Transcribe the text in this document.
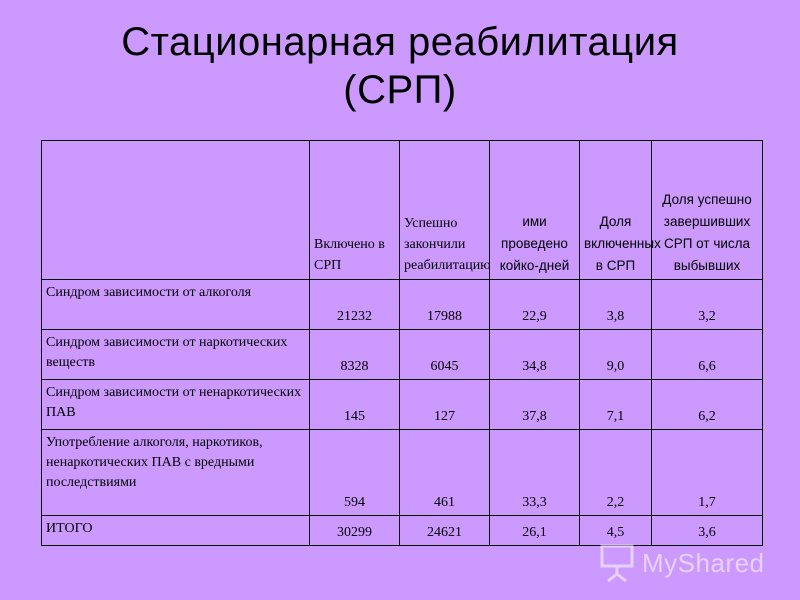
Стационарная реабилитация
(СРП)
	Включено в СРП	Успешно закончили реабилитацию	ими проведено койко-дней	Доля включенных в СРП	Доля успешно завершивших СРП от числа выбывших
Синдром зависимости от алкоголя	21232	17988	22,9	3,8	3,2
Синдром зависимости от наркотических веществ	8328	6045	34,8	9,0	6,6
Синдром зависимости от ненаркотических ПАВ	145	127	37,8	7,1	6,2
Употребление алкоголя, наркотиков, ненаркотических ПАВ с вредными последствиями	594	461	33,3	2,2	1,7
ИТОГО	30299	24621	26,1	4,5	3,6
MyShared
